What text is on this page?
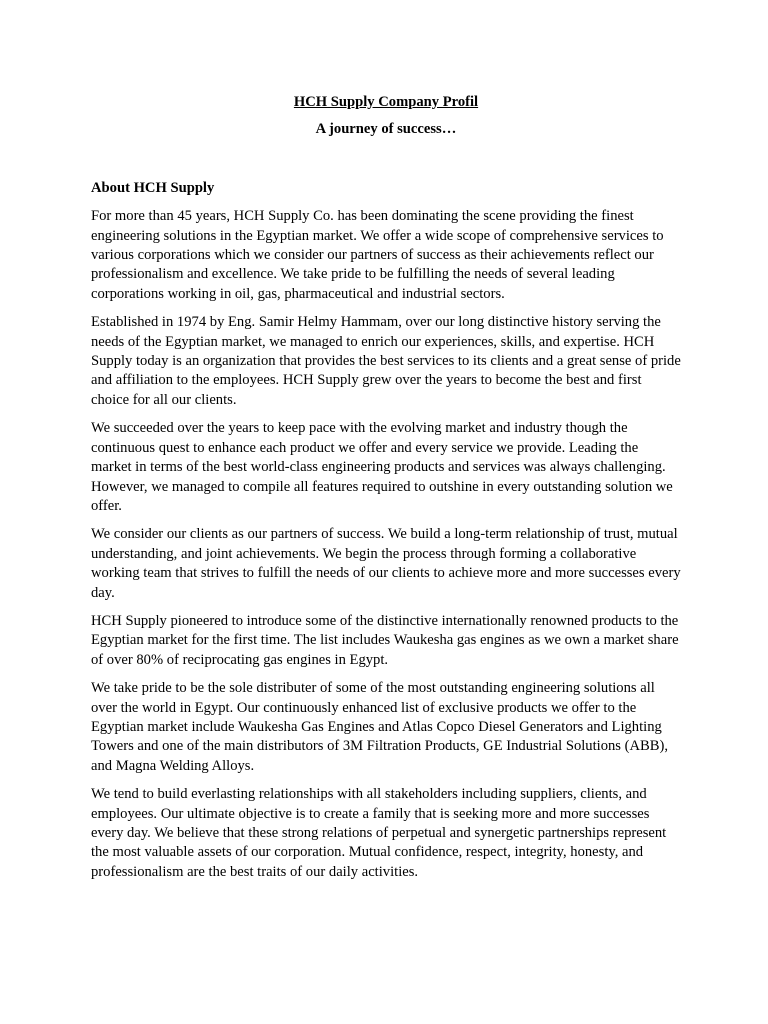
HCH Supply Company Profil

A journey of success…

About HCH Supply

For more than 45 years, HCH Supply Co. has been dominating the scene providing the finest engineering solutions in the Egyptian market. We offer a wide scope of comprehensive services to various corporations which we consider our partners of success as their achievements reflect our professionalism and excellence. We take pride to be fulfilling the needs of several leading corporations working in oil, gas, pharmaceutical and industrial sectors.

Established in 1974 by Eng. Samir Helmy Hammam, over our long distinctive history serving the needs of the Egyptian market, we managed to enrich our experiences, skills, and expertise. HCH Supply today is an organization that provides the best services to its clients and a great sense of pride and affiliation to the employees. HCH Supply grew over the years to become the best and first choice for all our clients.

We succeeded over the years to keep pace with the evolving market and industry though the continuous quest to enhance each product we offer and every service we provide. Leading the market in terms of the best world-class engineering products and services was always challenging. However, we managed to compile all features required to outshine in every outstanding solution we offer.

We consider our clients as our partners of success. We build a long-term relationship of trust, mutual understanding, and joint achievements. We begin the process through forming a collaborative working team that strives to fulfill the needs of our clients to achieve more and more successes every day.

HCH Supply pioneered to introduce some of the distinctive internationally renowned products to the Egyptian market for the first time. The list includes Waukesha gas engines as we own a market share of over 80% of reciprocating gas engines in Egypt.

We take pride to be the sole distributer of some of the most outstanding engineering solutions all over the world in Egypt. Our continuously enhanced list of exclusive products we offer to the Egyptian market include Waukesha Gas Engines and Atlas Copco Diesel Generators and Lighting Towers and one of the main distributors of 3M Filtration Products, GE Industrial Solutions (ABB), and Magna Welding Alloys.

We tend to build everlasting relationships with all stakeholders including suppliers, clients, and employees. Our ultimate objective is to create a family that is seeking more and more successes every day. We believe that these strong relations of perpetual and synergetic partnerships represent the most valuable assets of our corporation. Mutual confidence, respect, integrity, honesty, and professionalism are the best traits of our daily activities.
